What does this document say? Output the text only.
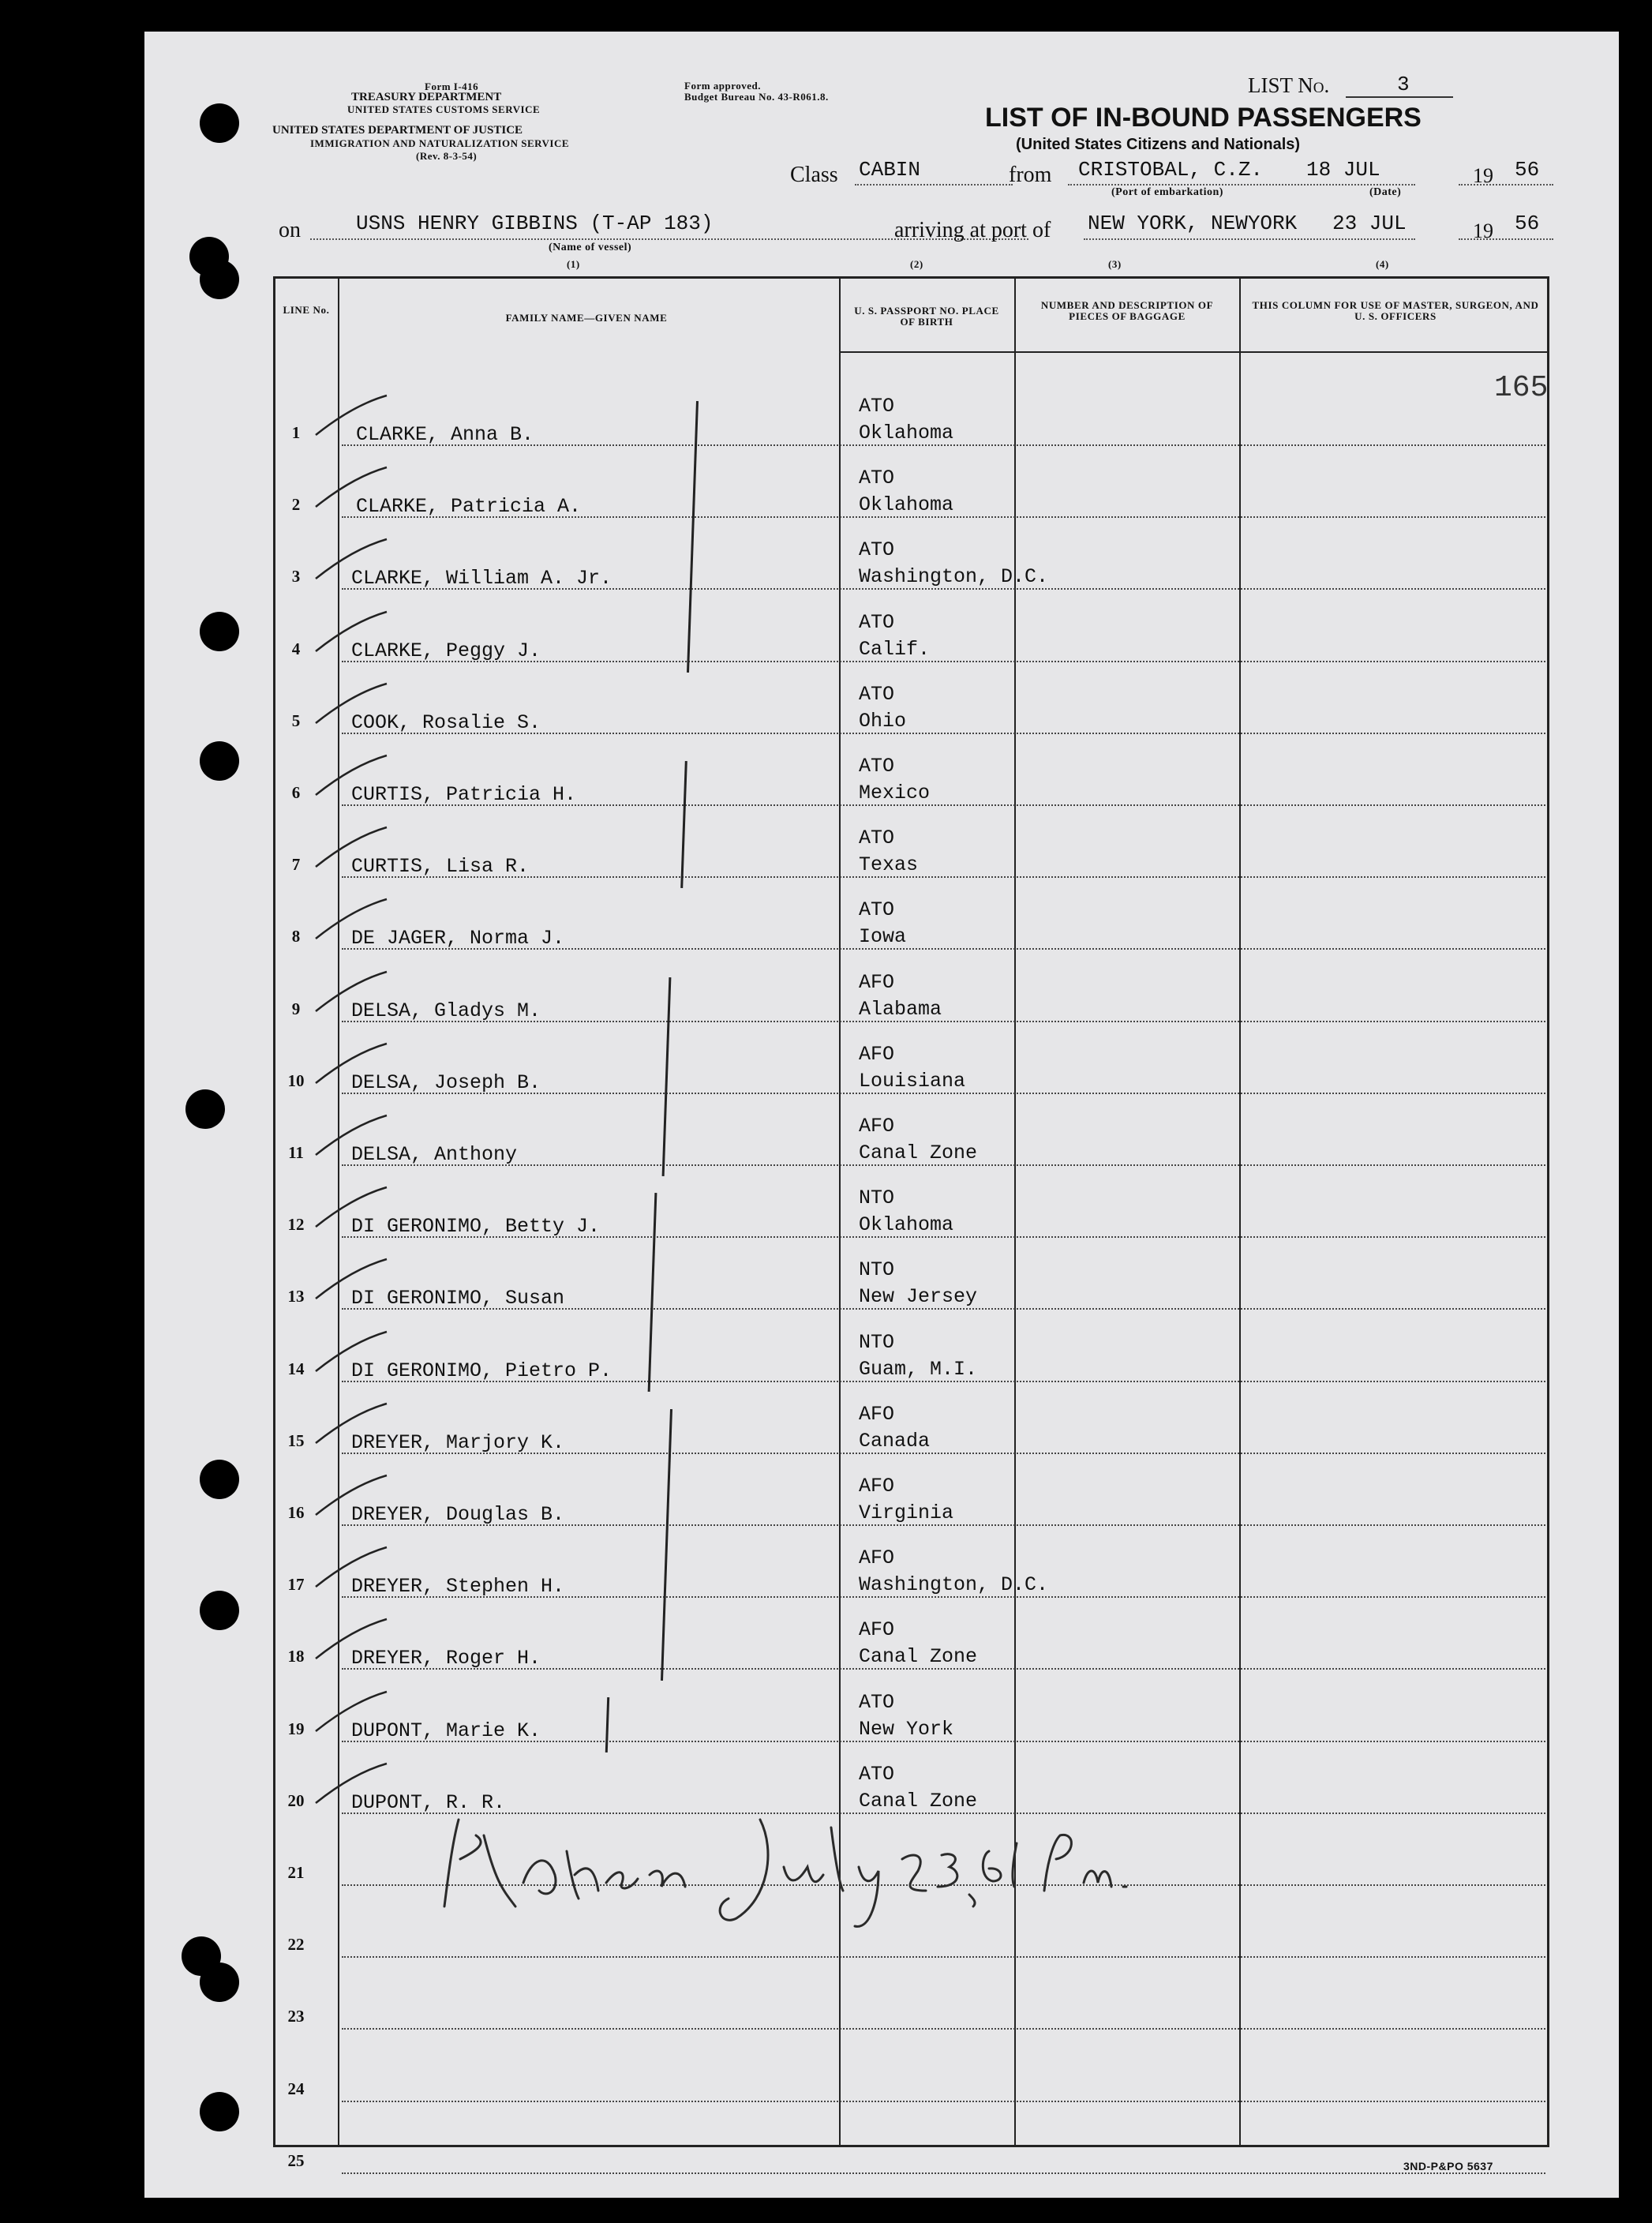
Form I-416
TREASURY DEPARTMENT
UNITED STATES CUSTOMS SERVICE
UNITED STATES DEPARTMENT OF JUSTICE
IMMIGRATION AND NATURALIZATION SERVICE
(Rev. 8-3-54)
Form approved.
Budget Bureau No. 43-R061.8.	LIST No.	3
LIST OF IN-BOUND PASSENGERS
(United States Citizens and Nationals)
Class CABIN	from CRISTOBAL, C.Z.
(Port of embarkation)
18 JUL
(Date)
19 56
on	USNS HENRY GIBBINS (T-AP 183)
(Name of vessel)
arriving at port of NEW YORK, NEWYORK 23 JUL	19 56
(1)	(2)	(3)	(4)
LINE No.
FAMILY NAME—GIVEN NAME
U. S. PASSPORT NO. PLACE OF BIRTH
NUMBER AND DESCRIPTION OF PIECES OF BAGGAGE
THIS COLUMN FOR USE OF MASTER, SURGEON, AND U. S. OFFICERS
165
1	CLARKE, Anna B.
ATO
Oklahoma
2	CLARKE, Patricia A.
ATO
Oklahoma
3	CLARKE, William A. Jr.
ATO
Washington, D.C.
4	CLARKE, Peggy J.
ATO
Calif.
5	COOK, Rosalie S.
ATO
Ohio
6	CURTIS, Patricia H.
ATO
Mexico
7	CURTIS, Lisa R.
ATO
Texas
8	DE JAGER, Norma J.
ATO
Iowa
9	DELSA, Gladys M.
AFO
Alabama
10	DELSA, Joseph B.
AFO
Louisiana
11	DELSA, Anthony
AFO
Canal Zone
12	DI GERONIMO, Betty J.
NTO
Oklahoma
13	DI GERONIMO, Susan
NTO
New Jersey
14	DI GERONIMO, Pietro P.
NTO
Guam, M.I.
15	DREYER, Marjory K.
AFO
Canada
16	DREYER, Douglas B.
AFO
Virginia
17	DREYER, Stephen H.
AFO
Washington, D.C.
18	DREYER, Roger H.
AFO
Canal Zone
19	DUPONT, Marie K.
ATO
New York
20	DUPONT, R. R.
ATO
Canal Zone
21
22
23
24
25	3ND-P&PO 5637
